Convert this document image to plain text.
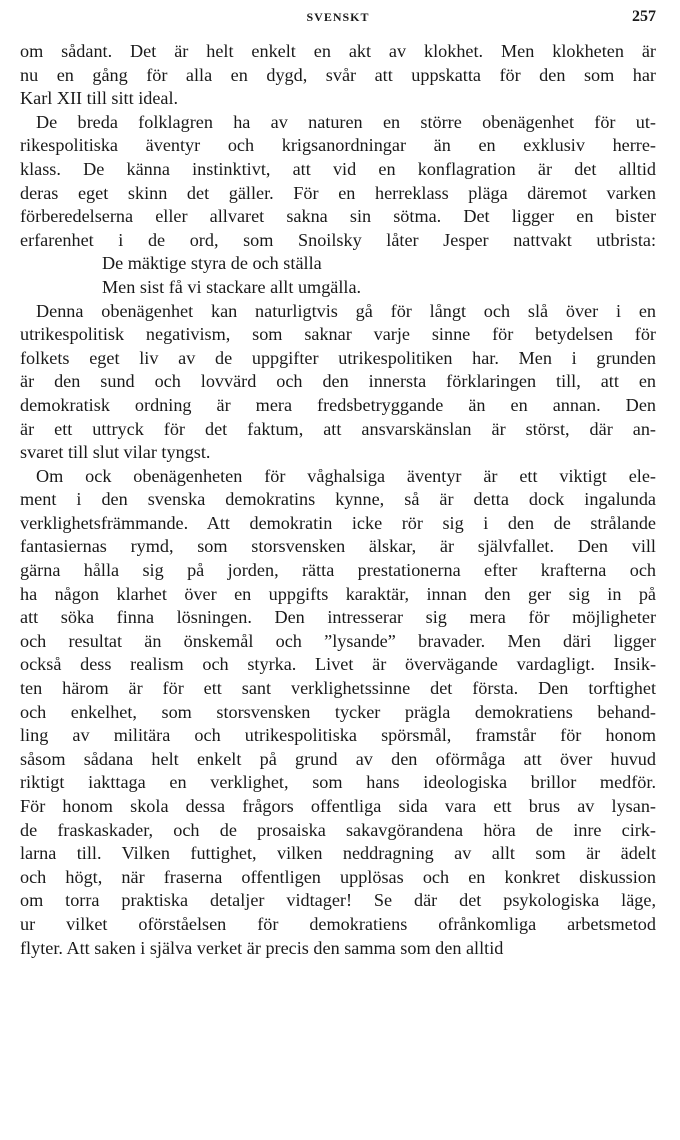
SVENSKT	257
om sådant. Det är helt enkelt en akt av klokhet. Men klokheten är
nu en gång för alla en dygd, svår att uppskatta för den som har
Karl XII till sitt ideal.
De breda folklagren ha av naturen en större obenägenhet för ut-
rikespolitiska äventyr och krigsanordningar än en exklusiv herre-
klass. De känna instinktivt, att vid en konflagration är det alltid
deras eget skinn det gäller. För en herreklass pläga däremot varken
förberedelserna eller allvaret sakna sin sötma. Det ligger en bister
erfarenhet i de ord, som Snoilsky låter Jesper nattvakt utbrista:
De mäktige styra de och ställa
Men sist få vi stackare allt umgälla.
Denna obenägenhet kan naturligtvis gå för långt och slå över i en
utrikespolitisk negativism, som saknar varje sinne för betydelsen för
folkets eget liv av de uppgifter utrikespolitiken har. Men i grunden
är den sund och lovvärd och den innersta förklaringen till, att en
demokratisk ordning är mera fredsbetryggande än en annan. Den
är ett uttryck för det faktum, att ansvarskänslan är störst, där an-
svaret till slut vilar tyngst.
Om ock obenägenheten för våghalsiga äventyr är ett viktigt ele-
ment i den svenska demokratins kynne, så är detta dock ingalunda
verklighetsfrämmande. Att demokratin icke rör sig i den de strålande
fantasiernas rymd, som storsvensken älskar, är självfallet. Den vill
gärna hålla sig på jorden, rätta prestationerna efter krafterna och
ha någon klarhet över en uppgifts karaktär, innan den ger sig in på
att söka finna lösningen. Den intresserar sig mera för möjligheter
och resultat än önskemål och ”lysande” bravader. Men däri ligger
också dess realism och styrka. Livet är övervägande vardagligt. Insik-
ten härom är för ett sant verklighetssinne det första. Den torftighet
och enkelhet, som storsvensken tycker prägla demokratiens behand-
ling av militära och utrikespolitiska spörsmål, framstår för honom
såsom sådana helt enkelt på grund av den oförmåga att över huvud
riktigt iakttaga en verklighet, som hans ideologiska brillor medför.
För honom skola dessa frågors offentliga sida vara ett brus av lysan-
de fraskaskader, och de prosaiska sakavgörandena höra de inre cirk-
larna till. Vilken futtighet, vilken neddragning av allt som är ädelt
och högt, när fraserna offentligen upplösas och en konkret diskussion
om torra praktiska detaljer vidtager! Se där det psykologiska läge,
ur vilket oförståelsen för demokratiens ofrånkomliga arbetsmetod
flyter. Att saken i själva verket är precis den samma som den alltid
